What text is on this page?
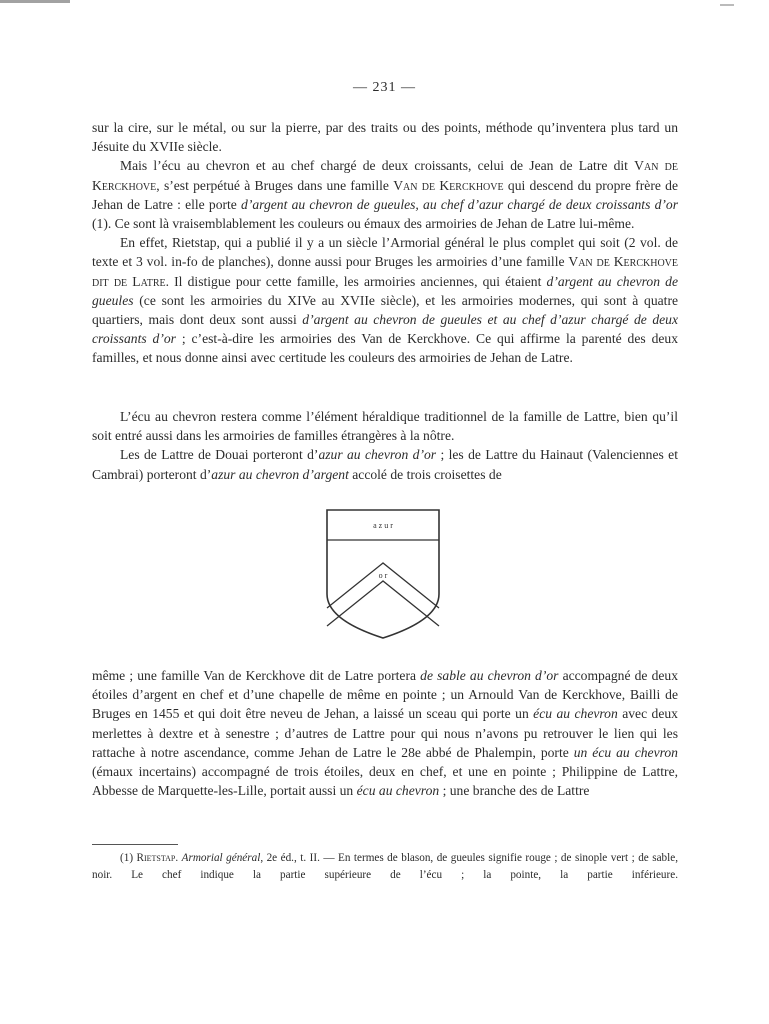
— 231 —

sur la cire, sur le métal, ou sur la pierre, par des traits ou des points, méthode qu’inventera plus tard un Jésuite du XVIIe siècle.

Mais l’écu au chevron et au chef chargé de deux croissants, celui de Jean de Latre dit Van de Kerckhove, s’est perpétué à Bruges dans une famille Van de Kerckhove qui descend du propre frère de Jehan de Latre : elle porte d’argent au chevron de gueules, au chef d’azur chargé de deux croissants d’or (1). Ce sont là vraisemblablement les couleurs ou émaux des armoiries de Jehan de Latre lui-même.

En effet, Rietstap, qui a publié il y a un siècle l’Armorial général le plus complet qui soit (2 vol. de texte et 3 vol. in-fo de planches), donne aussi pour Bruges les armoiries d’une famille Van de Kerckhove dit de Latre. Il distigue pour cette famille, les armoiries anciennes, qui étaient d’argent au chevron de gueules (ce sont les armoiries du XIVe au XVIIe siècle), et les armoiries modernes, qui sont à quatre quartiers, mais dont deux sont aussi d’argent au chevron de gueules et au chef d’azur chargé de deux croissants d’or ; c’est-à-dire les armoiries des Van de Kerckhove. Ce qui affirme la parenté des deux familles, et nous donne ainsi avec certitude les couleurs des armoiries de Jehan de Latre.

L’écu au chevron restera comme l’élément héraldique traditionnel de la famille de Lattre, bien qu’il soit entré aussi dans les armoiries de familles étrangères à la nôtre.

Les de Lattre de Douai porteront d’azur au chevron d’or ; les de Lattre du Hainaut (Valenciennes et Cambrai) porteront d’azur au chevron d’argent accolé de trois croisettes de

a z u r
o r

même ; une famille Van de Kerckhove dit de Latre portera de sable au chevron d’or accompagné de deux étoiles d’argent en chef et d’une chapelle de même en pointe ; un Arnould Van de Kerckhove, Bailli de Bruges en 1455 et qui doit être neveu de Jehan, a laissé un sceau qui porte un écu au chevron avec deux merlettes à dextre et à senestre ; d’autres de Lattre pour qui nous n’avons pu retrouver le lien qui les rattache à notre ascendance, comme Jehan de Latre le 28e abbé de Phalempin, porte un écu au chevron (émaux incertains) accompagné de trois étoiles, deux en chef, et une en pointe ; Philippine de Lattre, Abbesse de Marquette-les-Lille, portait aussi un écu au chevron ; une branche des de Lattre

(1) Rietstap. Armorial général, 2e éd., t. II. — En termes de blason, de gueules signifie rouge ; de sinople vert ; de sable, noir. Le chef indique la partie supérieure de l’écu ; la pointe, la partie inférieure.
